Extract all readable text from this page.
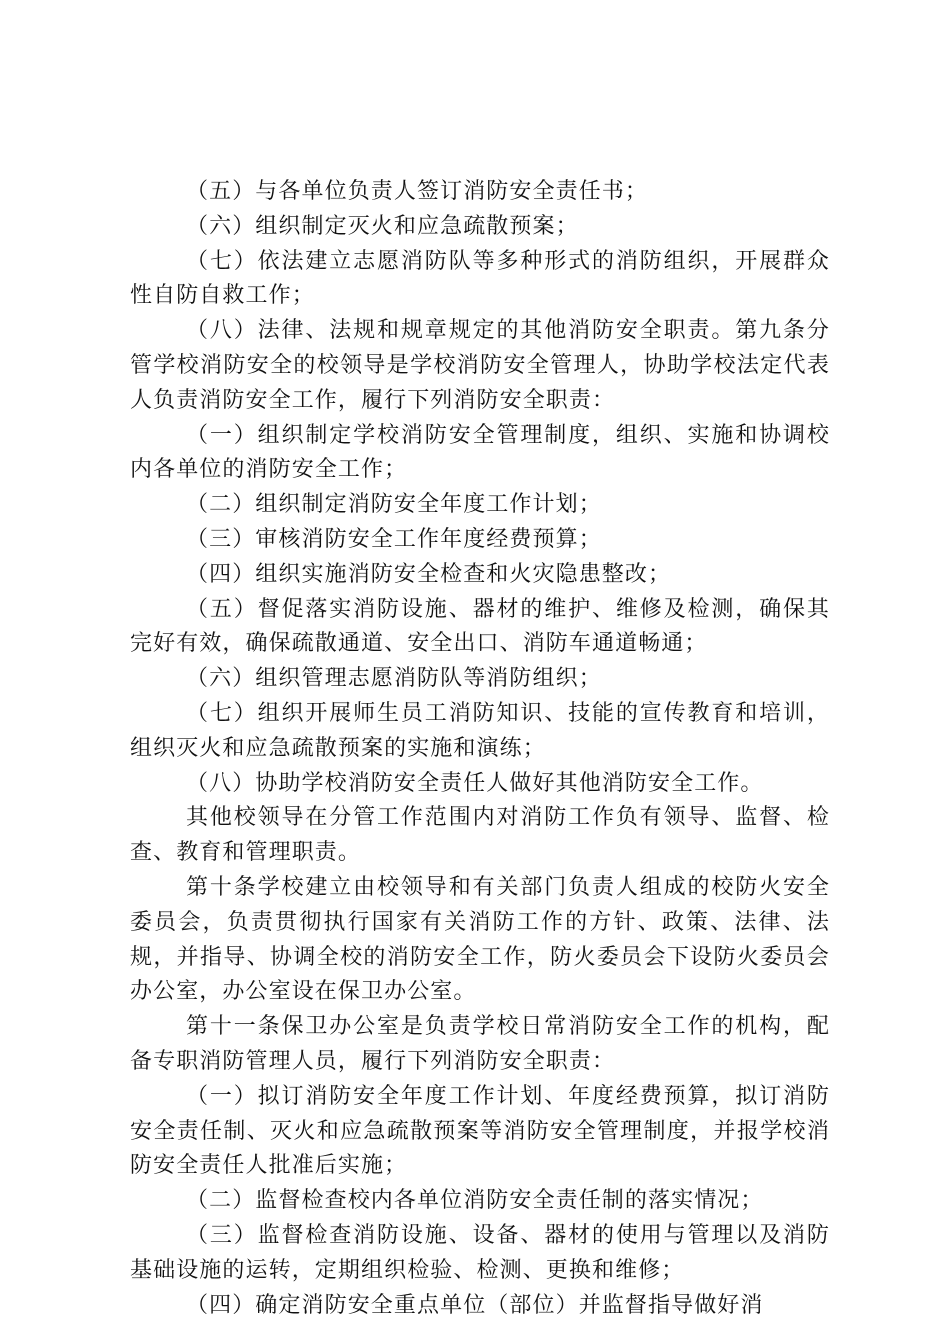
（五）与各单位负责人签订消防安全责任书；

（六）组织制定灭火和应急疏散预案；

（七）依法建立志愿消防队等多种形式的消防组织，开展群众性自防自救工作；

（八）法律、法规和规章规定的其他消防安全职责。第九条分管学校消防安全的校领导是学校消防安全管理人，协助学校法定代表人负责消防安全工作，履行下列消防安全职责：

（一）组织制定学校消防安全管理制度，组织、实施和协调校内各单位的消防安全工作；

（二）组织制定消防安全年度工作计划；

（三）审核消防安全工作年度经费预算；

（四）组织实施消防安全检查和火灾隐患整改；

（五）督促落实消防设施、器材的维护、维修及检测，确保其完好有效，确保疏散通道、安全出口、消防车通道畅通；

（六）组织管理志愿消防队等消防组织；

（七）组织开展师生员工消防知识、技能的宣传教育和培训，组织灭火和应急疏散预案的实施和演练；

（八）协助学校消防安全责任人做好其他消防安全工作。

其他校领导在分管工作范围内对消防工作负有领导、监督、检查、教育和管理职责。

第十条学校建立由校领导和有关部门负责人组成的校防火安全委员会，负责贯彻执行国家有关消防工作的方针、政策、法律、法规，并指导、协调全校的消防安全工作，防火委员会下设防火委员会办公室，办公室设在保卫办公室。

第十一条保卫办公室是负责学校日常消防安全工作的机构，配备专职消防管理人员，履行下列消防安全职责：

（一）拟订消防安全年度工作计划、年度经费预算，拟订消防安全责任制、灭火和应急疏散预案等消防安全管理制度，并报学校消防安全责任人批准后实施；

（二）监督检查校内各单位消防安全责任制的落实情况；

（三）监督检查消防设施、设备、器材的使用与管理以及消防基础设施的运转，定期组织检验、检测、更换和维修；

（四）确定消防安全重点单位（部位）并监督指导做好消
